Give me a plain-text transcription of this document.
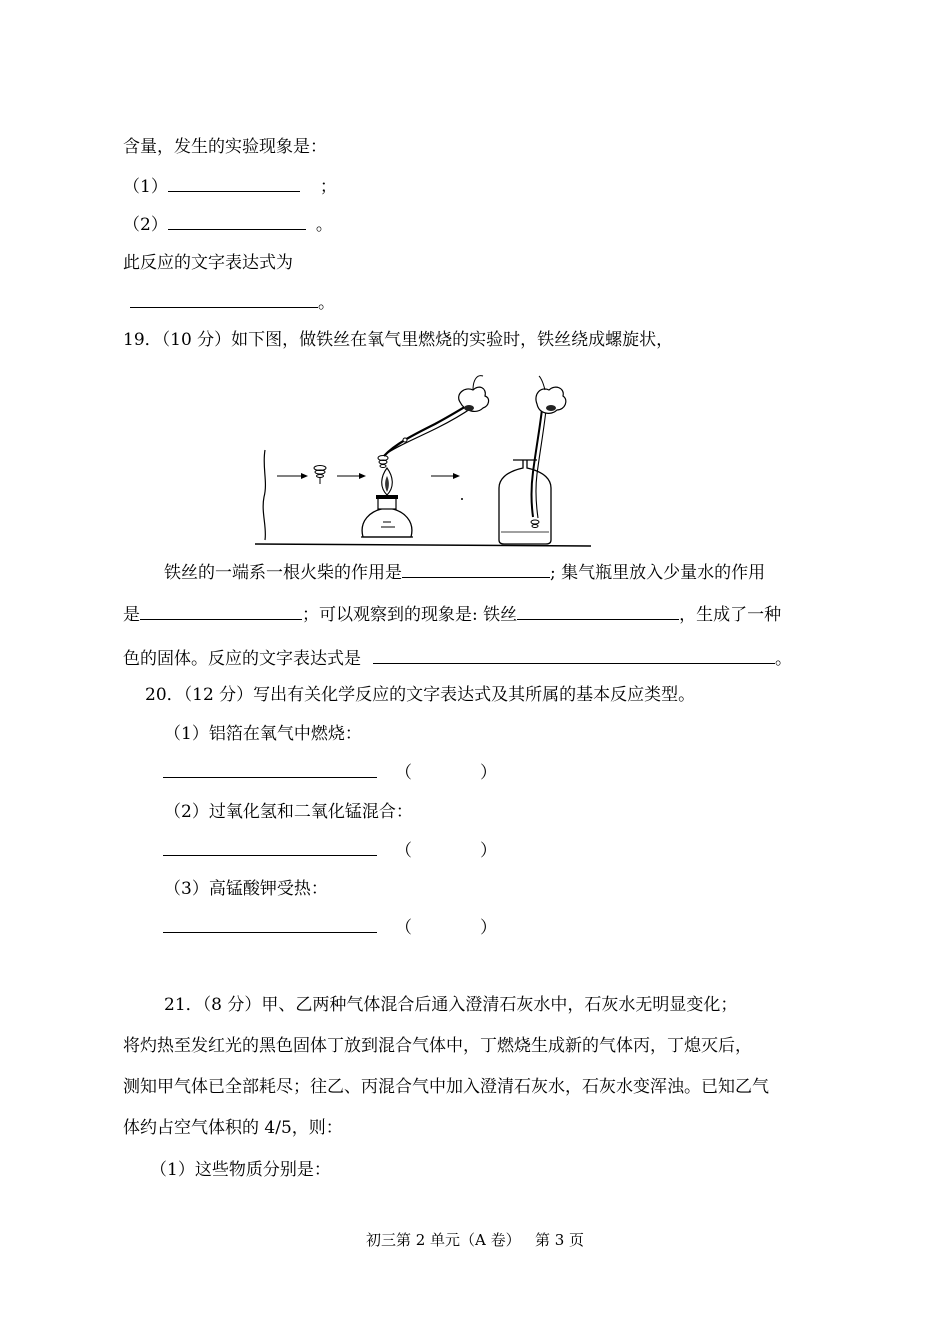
含量，发生的实验现象是：
（1）	；
（2）	。
此反应的文字表达式为
。
19．（10 分）如下图，做铁丝在氧气里燃烧的实验时，铁丝绕成螺旋状，
铁丝的一端系一根火柴的作用是	; 集气瓶里放入少量水的作用
是	；可以观察到的现象是: 铁丝	，生成了一种
色的固体。反应的文字表达式是	。
20．（12 分）写出有关化学反应的文字表达式及其所属的基本反应类型。
（1）铝箔在氧气中燃烧：
（　　　　）
（2）过氧化氢和二氧化锰混合：
（　　　　）
（3）高锰酸钾受热：
（　　　　）
21．（8 分）甲、乙两种气体混合后通入澄清石灰水中，石灰水无明显变化；
将灼热至发红光的黑色固体丁放到混合气体中，丁燃烧生成新的气体丙，丁熄灭后，
测知甲气体已全部耗尽；往乙、丙混合气中加入澄清石灰水，石灰水变浑浊。已知乙气
体约占空气体积的 4/5，则：
（1）这些物质分别是：
初三第 2 单元（A 卷） 第 3 页
